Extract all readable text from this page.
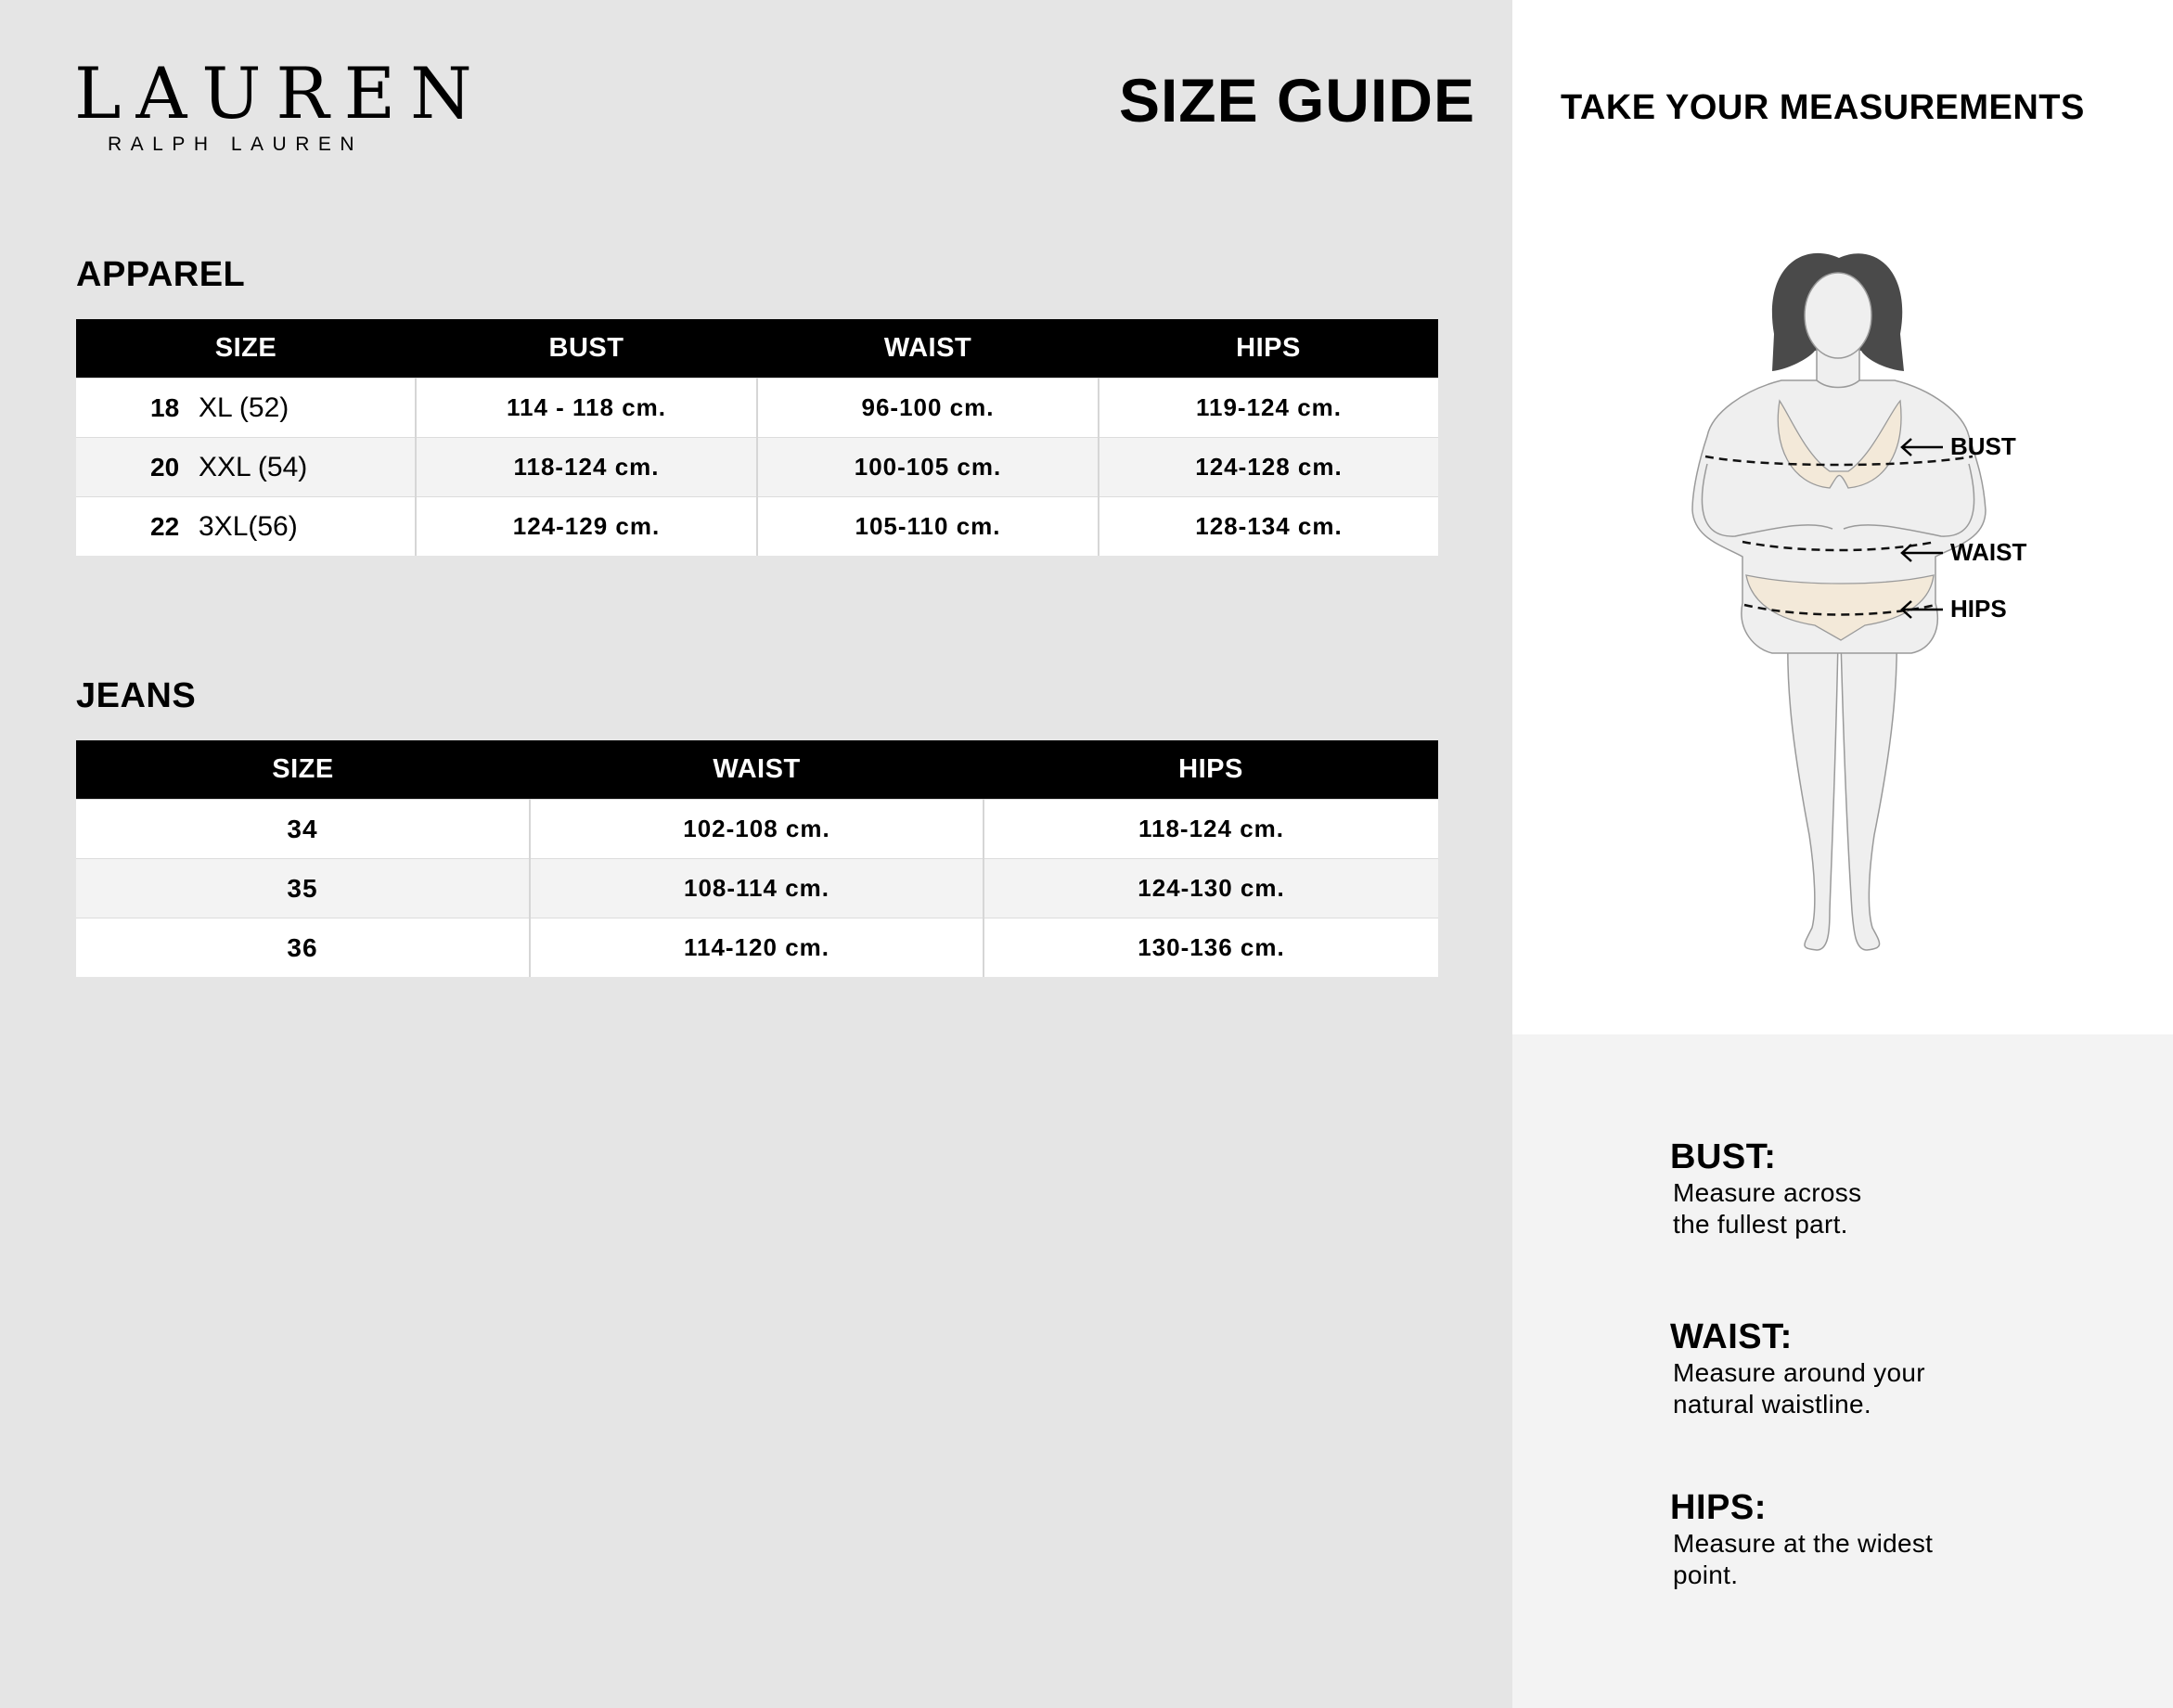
LAUREN
RALPH LAUREN
SIZE GUIDE
APPAREL
SIZE	BUST	WAIST	HIPS
18 XL (52)	114 - 118 cm.	96-100 cm.	119-124 cm.
20 XXL (54)	118-124 cm.	100-105 cm.	124-128 cm.
22 3XL(56)	124-129 cm.	105-110 cm.	128-134 cm.
JEANS
SIZE	WAIST	HIPS
34	102-108 cm.	118-124 cm.
35	108-114 cm.	124-130 cm.
36	114-120 cm.	130-136 cm.
TAKE YOUR MEASUREMENTS
BUST
WAIST
HIPS
BUST:
Measure across
the fullest part.
WAIST:
Measure around your
natural waistline.
HIPS:
Measure at the widest
point.
